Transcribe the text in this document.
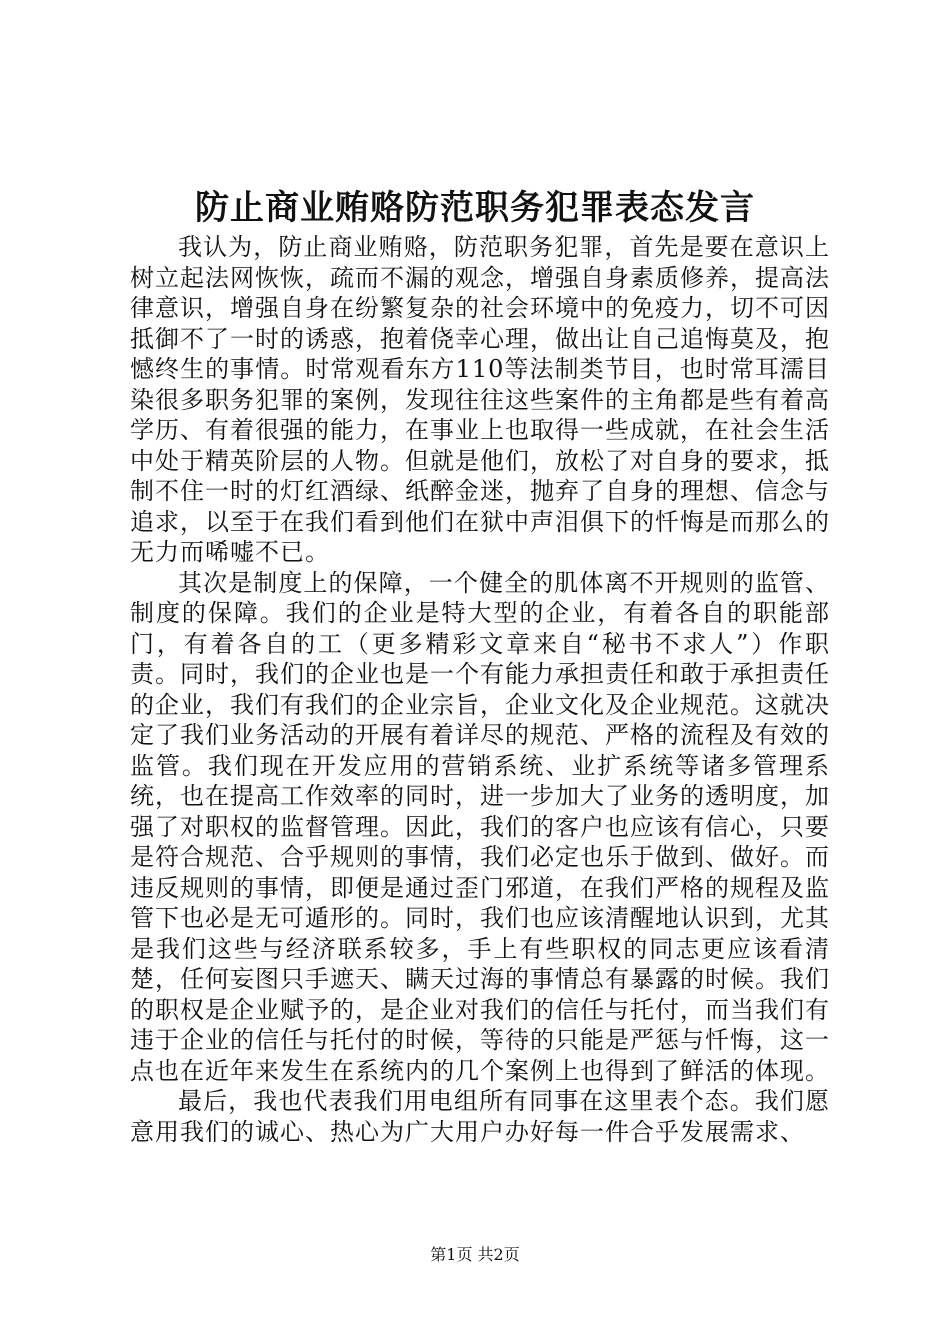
防止商业贿赂防范职务犯罪表态发言

我认为，防止商业贿赂，防范职务犯罪，首先是要在意识上树立起法网恢恢，疏而不漏的观念，增强自身素质修养，提高法律意识，增强自身在纷繁复杂的社会环境中的免疫力，切不可因抵御不了一时的诱惑，抱着侥幸心理，做出让自己追悔莫及，抱憾终生的事情。时常观看东方110等法制类节目，也时常耳濡目染很多职务犯罪的案例，发现往往这些案件的主角都是些有着高学历、有着很强的能力，在事业上也取得一些成就，在社会生活中处于精英阶层的人物。但就是他们，放松了对自身的要求，抵制不住一时的灯红酒绿、纸醉金迷，抛弃了自身的理想、信念与追求，以至于在我们看到他们在狱中声泪俱下的忏悔是而那么的无力而唏嘘不已。

其次是制度上的保障，一个健全的肌体离不开规则的监管、制度的保障。我们的企业是特大型的企业，有着各自的职能部门，有着各自的工（更多精彩文章来自“秘书不求人”）作职责。同时，我们的企业也是一个有能力承担责任和敢于承担责任的企业，我们有我们的企业宗旨，企业文化及企业规范。这就决定了我们业务活动的开展有着详尽的规范、严格的流程及有效的监管。我们现在开发应用的营销系统、业扩系统等诸多管理系统，也在提高工作效率的同时，进一步加大了业务的透明度，加强了对职权的监督管理。因此，我们的客户也应该有信心，只要是符合规范、合乎规则的事情，我们必定也乐于做到、做好。而违反规则的事情，即便是通过歪门邪道，在我们严格的规程及监管下也必是无可遁形的。同时，我们也应该清醒地认识到，尤其是我们这些与经济联系较多，手上有些职权的同志更应该看清楚，任何妄图只手遮天、瞒天过海的事情总有暴露的时候。我们的职权是企业赋予的，是企业对我们的信任与托付，而当我们有违于企业的信任与托付的时候，等待的只能是严惩与忏悔，这一点也在近年来发生在系统内的几个案例上也得到了鲜活的体现。

最后，我也代表我们用电组所有同事在这里表个态。我们愿意用我们的诚心、热心为广大用户办好每一件合乎发展需求、

第1页 共2页
